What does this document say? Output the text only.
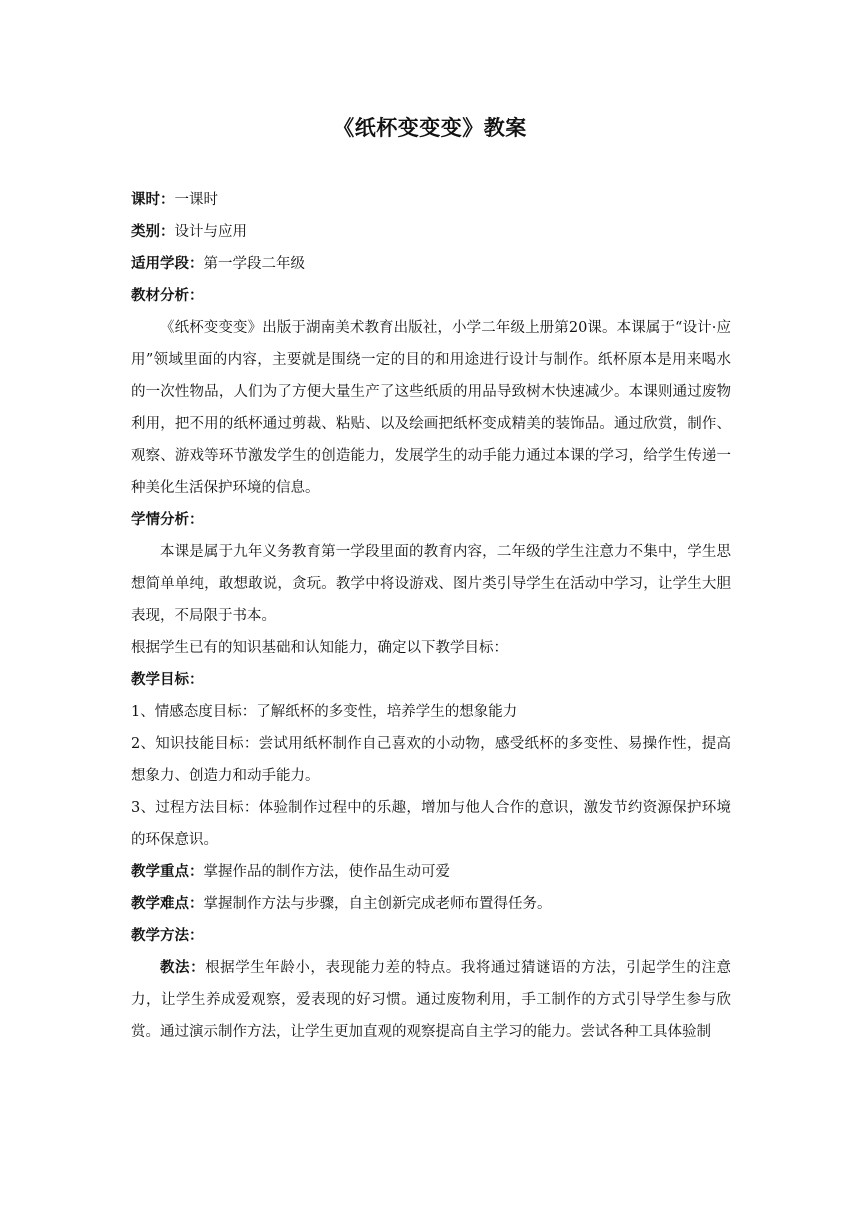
《纸杯变变变》教案
课时：一课时
类别：设计与应用
适用学段：第一学段二年级
教材分析：
《纸杯变变变》出版于湖南美术教育出版社，小学二年级上册第20课。本课属于“设计·应用”领域里面的内容，主要就是围绕一定的目的和用途进行设计与制作。纸杯原本是用来喝水的一次性物品，人们为了方便大量生产了这些纸质的用品导致树木快速减少。本课则通过废物利用，把不用的纸杯通过剪裁、粘贴、以及绘画把纸杯变成精美的装饰品。通过欣赏，制作、观察、游戏等环节激发学生的创造能力，发展学生的动手能力通过本课的学习，给学生传递一种美化生活保护环境的信息。
学情分析：
本课是属于九年义务教育第一学段里面的教育内容，二年级的学生注意力不集中，学生思想简单单纯，敢想敢说，贪玩。教学中将设游戏、图片类引导学生在活动中学习，让学生大胆表现，不局限于书本。
根据学生已有的知识基础和认知能力，确定以下教学目标：
教学目标：
1、情感态度目标：了解纸杯的多变性，培养学生的想象能力
2、知识技能目标：尝试用纸杯制作自己喜欢的小动物，感受纸杯的多变性、易操作性，提高想象力、创造力和动手能力。
3、过程方法目标：体验制作过程中的乐趣，增加与他人合作的意识，激发节约资源保护环境的环保意识。
教学重点：掌握作品的制作方法，使作品生动可爱
教学难点：掌握制作方法与步骤，自主创新完成老师布置得任务。
教学方法：
教法：根据学生年龄小，表现能力差的特点。我将通过猜谜语的方法，引起学生的注意力，让学生养成爱观察，爱表现的好习惯。通过废物利用，手工制作的方式引导学生参与欣赏。通过演示制作方法，让学生更加直观的观察提高自主学习的能力。尝试各种工具体验制
